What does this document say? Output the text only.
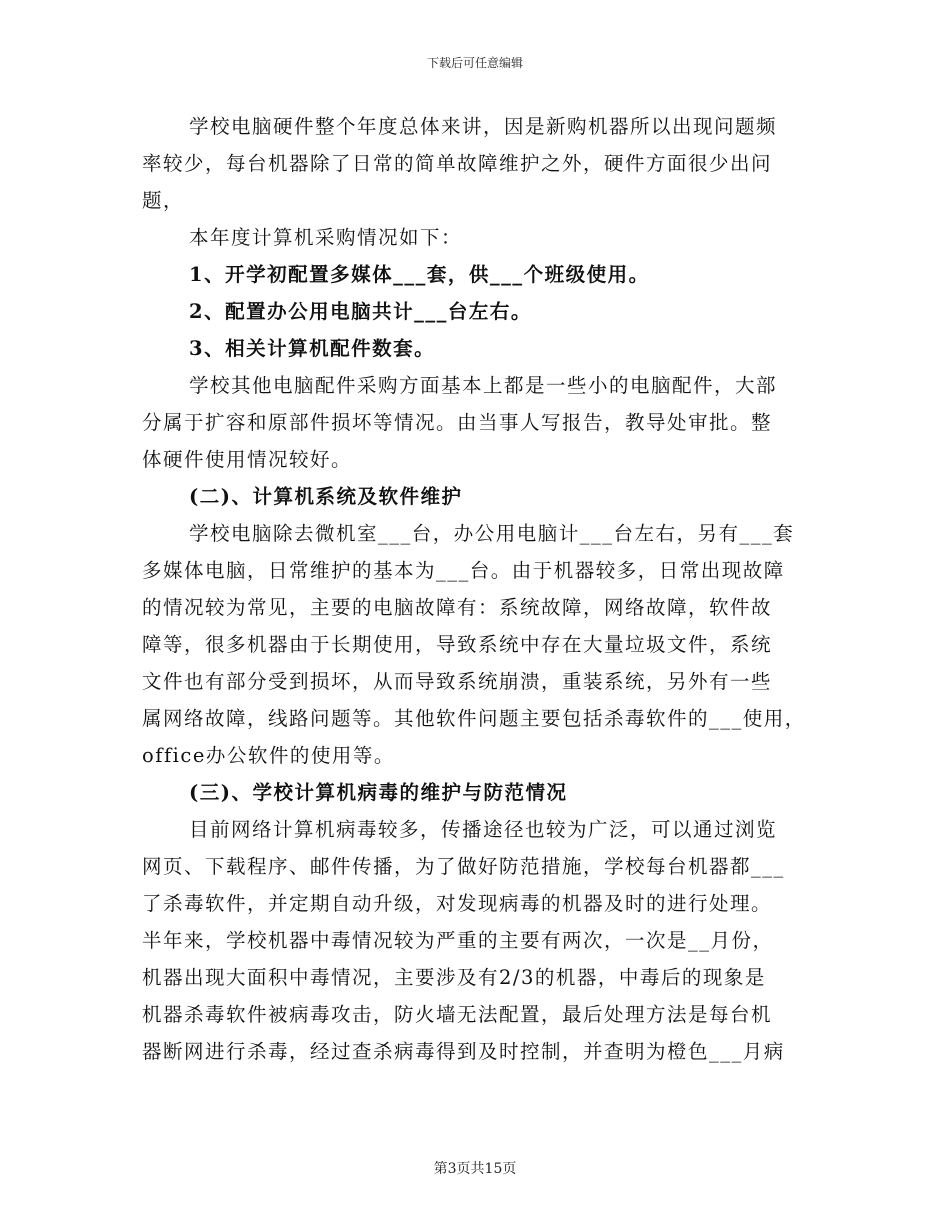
下载后可任意编辑
学校电脑硬件整个年度总体来讲，因是新购机器所以出现问题频
率较少，每台机器除了日常的简单故障维护之外，硬件方面很少出问
题，
本年度计算机采购情况如下：
1、开学初配置多媒体___套，供___个班级使用。
2、配置办公用电脑共计___台左右。
3、相关计算机配件数套。
学校其他电脑配件采购方面基本上都是一些小的电脑配件，大部
分属于扩容和原部件损坏等情况。由当事人写报告，教导处审批。整
体硬件使用情况较好。
(二)、计算机系统及软件维护
学校电脑除去微机室___台，办公用电脑计___台左右，另有___套
多媒体电脑，日常维护的基本为___台。由于机器较多，日常出现故障
的情况较为常见，主要的电脑故障有：系统故障，网络故障，软件故
障等，很多机器由于长期使用，导致系统中存在大量垃圾文件，系统
文件也有部分受到损坏，从而导致系统崩溃，重装系统，另外有一些
属网络故障，线路问题等。其他软件问题主要包括杀毒软件的___使用，
office办公软件的使用等。
(三)、学校计算机病毒的维护与防范情况
目前网络计算机病毒较多，传播途径也较为广泛，可以通过浏览
网页、下载程序、邮件传播，为了做好防范措施，学校每台机器都___
了杀毒软件，并定期自动升级，对发现病毒的机器及时的进行处理。
半年来，学校机器中毒情况较为严重的主要有两次，一次是__月份，
机器出现大面积中毒情况，主要涉及有2/3的机器，中毒后的现象是
机器杀毒软件被病毒攻击，防火墙无法配置，最后处理方法是每台机
器断网进行杀毒，经过查杀病毒得到及时控制，并查明为橙色___月病
第3页共15页
